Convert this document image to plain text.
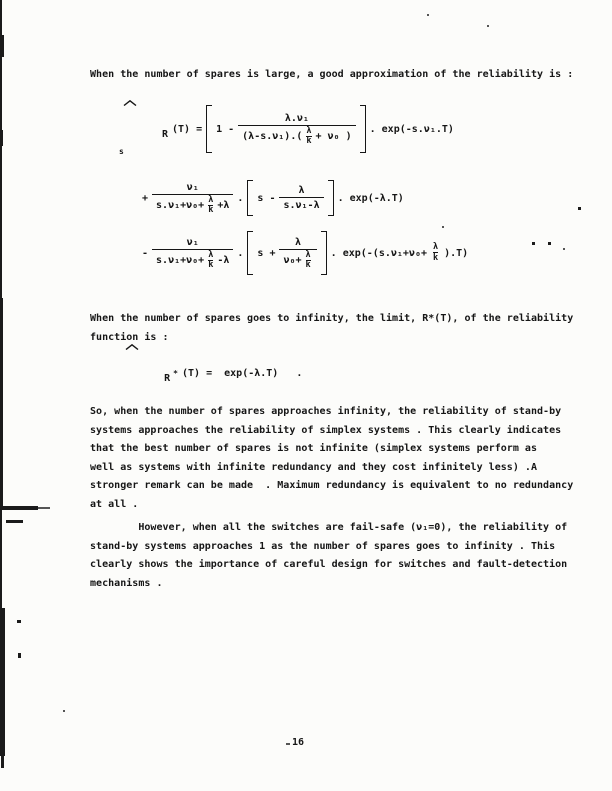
When the number of spares is large, a good approximation of the reliability is :
s

R
(T) = 1 -
λ.ν₁
$(\lambda-s.\nu_1).( \frac{\lambda}{k} + \nu_0$ )
. exp(-s.ν₁.T)
+
ν₁
$s.\nu_1+\nu_0+ \frac{\lambda}{k} +\lambda$
. s - $\frac{\lambda}{\text{s.ν₁-λ}}$ . exp(-λ.T)
-
ν₁
$s.\nu_1+\nu_0+ \frac{\lambda}{k} -\lambda$
. $s + \frac{\lambda}{\nu_0+ \frac{\lambda}{k}}$ . $\exp(-(s.\nu_1+\nu_0+ \frac{\lambda}{k} ).T)$
When the number of spares goes to infinity, the limit, R*(T), of the reliability
function is :

R
* (T) =  exp(-λ.T)   .
So, when the number of spares approaches infinity, the reliability of stand-by
systems approaches the reliability of simplex systems . This clearly indicates
that the best number of spares is not infinite (simplex systems perform as
well as systems with infinite redundancy and they cost infinitely less) .A
stronger remark can be made  . Maximum redundancy is equivalent to no redundancy
at all .
However, when all the switches are fail-safe (ν₁=0), the reliability of
stand-by systems approaches 1 as the number of spares goes to infinity . This
clearly shows the importance of careful design for switches and fault-detection
mechanisms .
16
